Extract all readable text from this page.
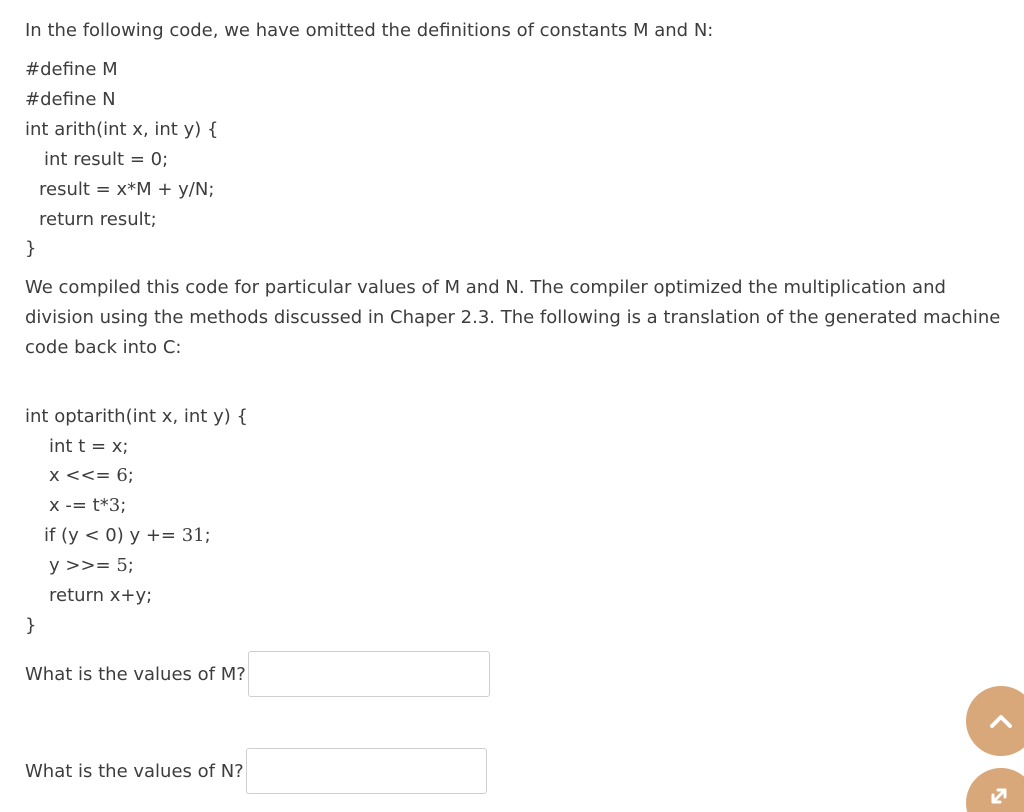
In the following code, we have omitted the definitions of constants M and N:
#define M
#define N
int arith(int x, int y) {
int result = 0;
result = x*M + y/N;
return result;
}
We compiled this code for particular values of M and N. The compiler optimized the multiplication and division using the methods discussed in Chaper 2.3. The following is a translation of the generated machine code back into C:
int optarith(int x, int y) {
int t = x;
x <<= 6;
x -= t*3;
if (y < 0) y += 31;
y >>= 5;
return x+y;
}
What is the values of M?
What is the values of N?
